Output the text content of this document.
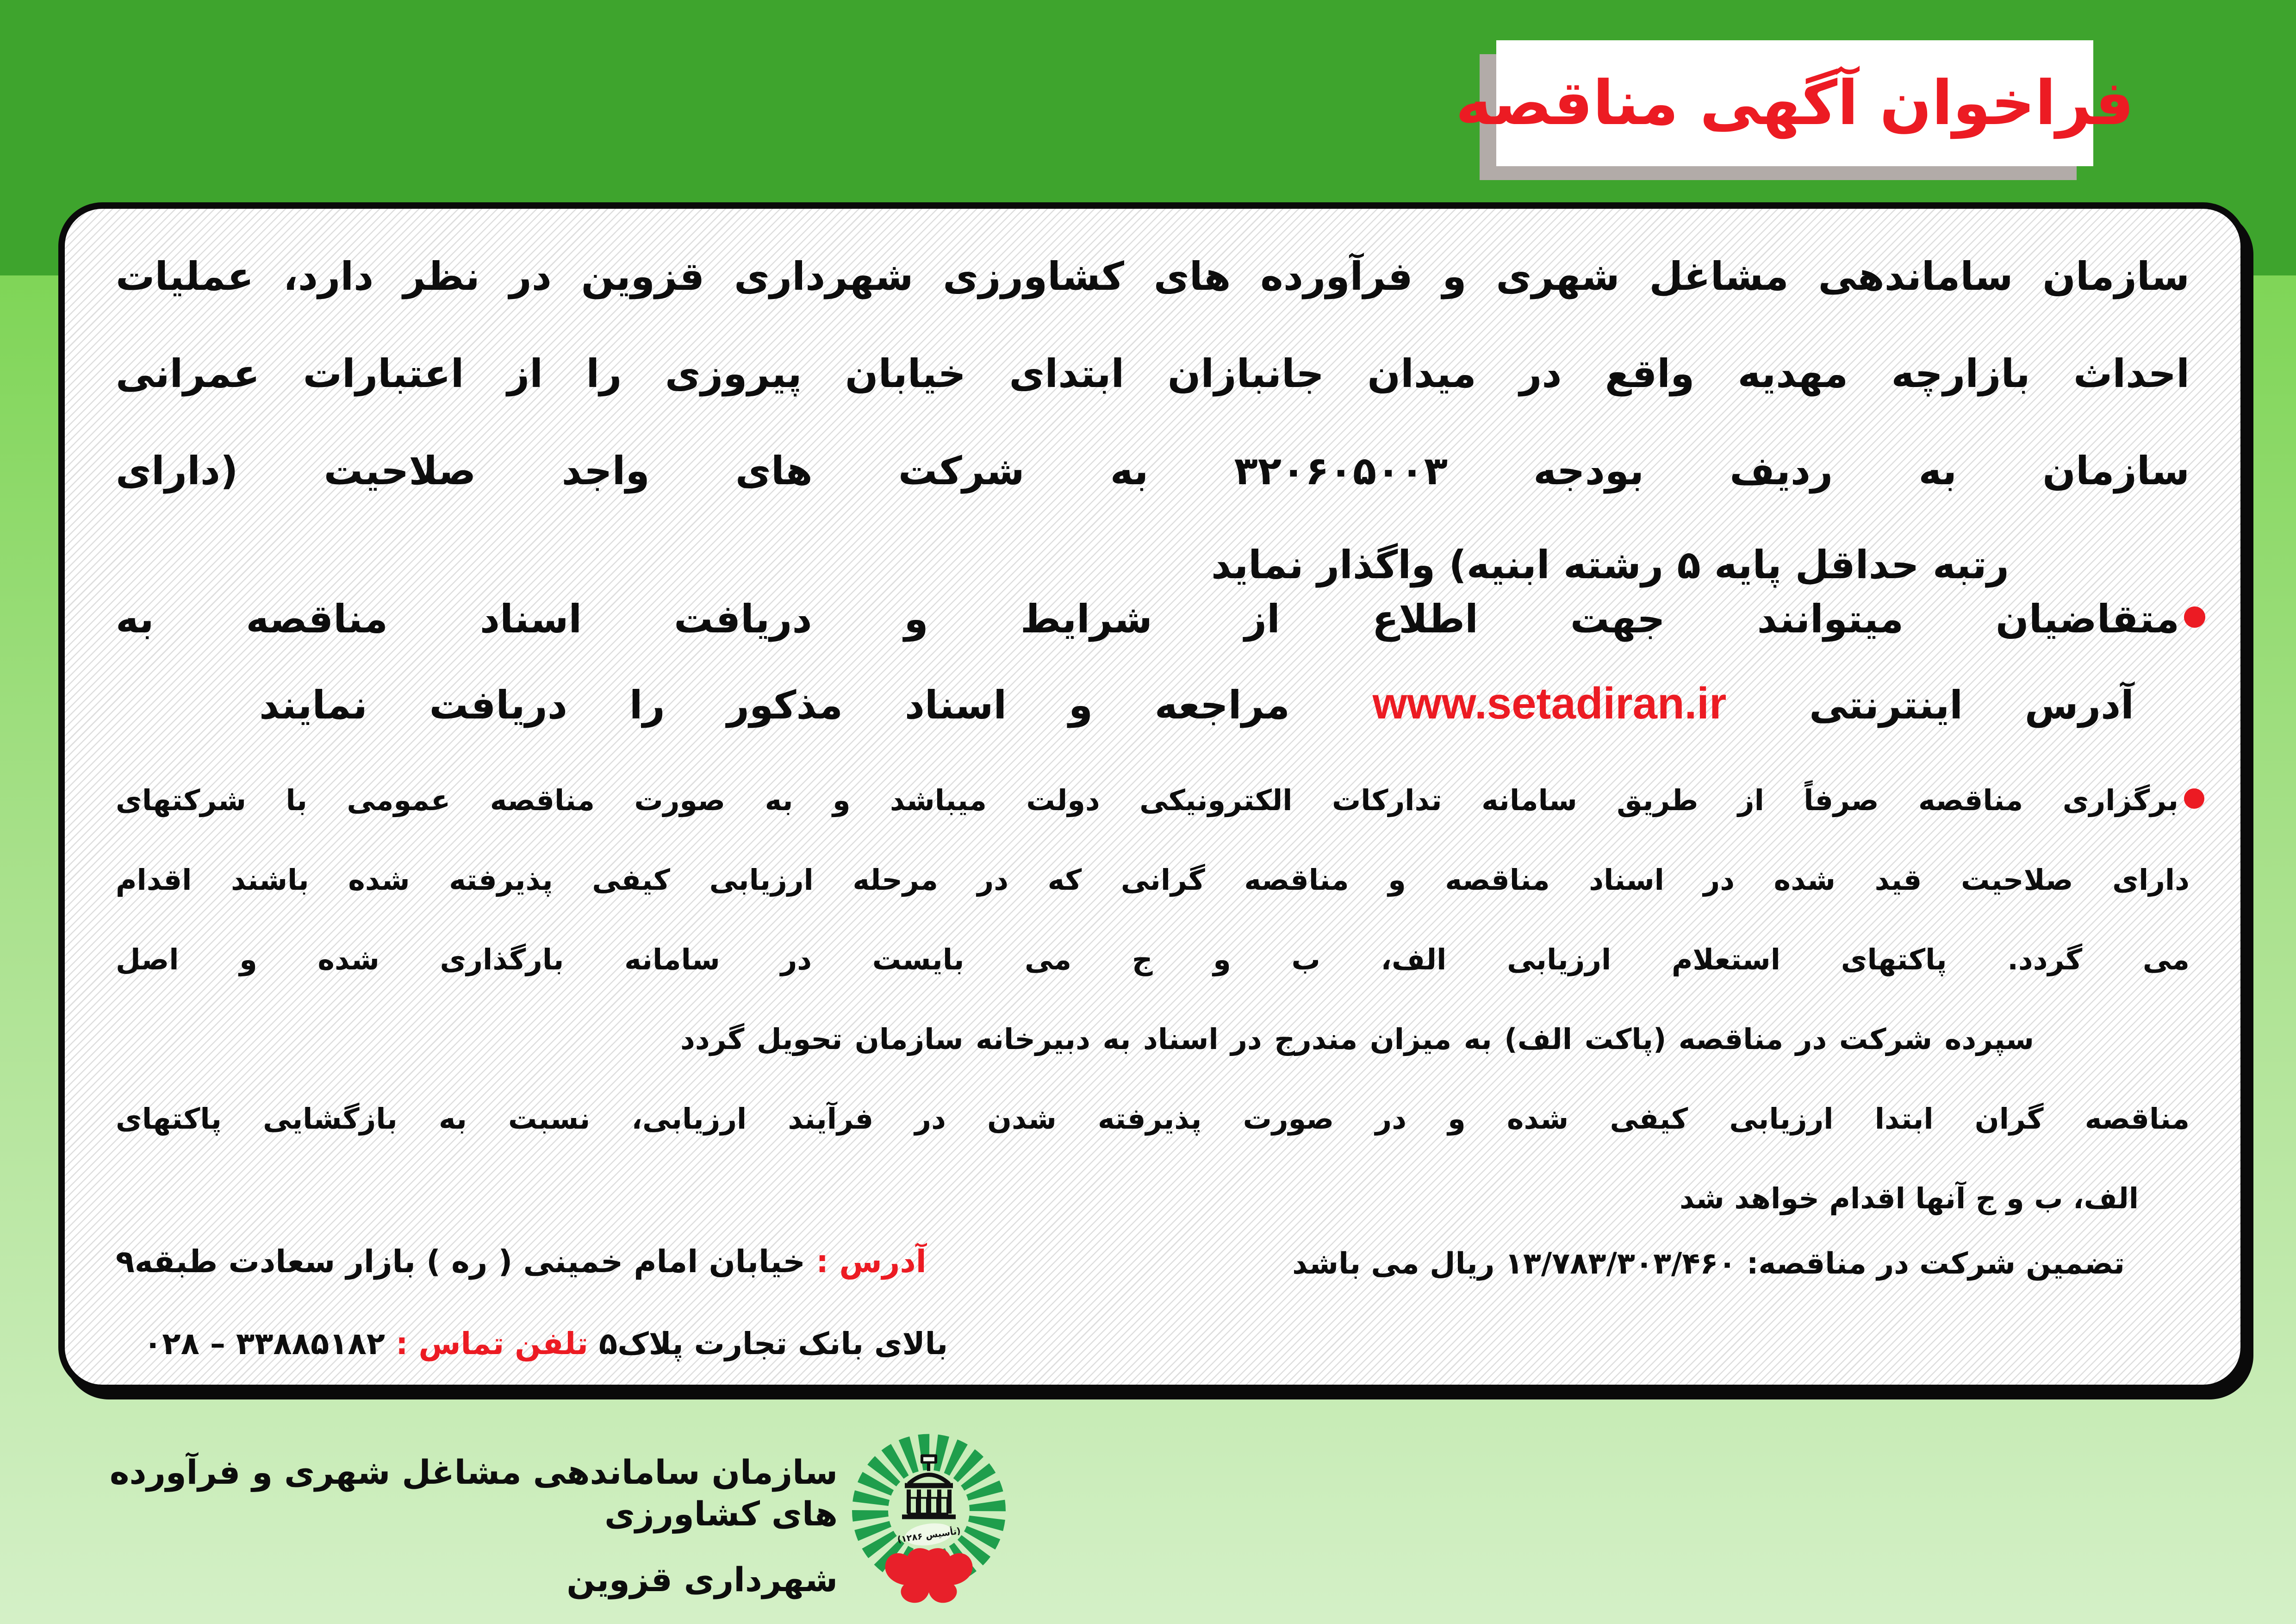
فراخوان آگهی مناقصه
سازمان ساماندهی مشاغل شهری و فرآورده های کشاورزی شهرداری قزوین در نظر دارد، عملیات
احداث بازارچه مهدیه واقع در میدان جانبازان ابتدای خیابان پیروزی را از اعتبارات عمرانی
سازمان به ردیف بودجه ۳۲۰۶۰۵۰۰۳ به شرکت های واجد صلاحیت (دارای
رتبه حداقل پایه ۵ رشته ابنیه) واگذار نماید
متقاضیان میتوانند جهت اطلاع از شرایط و دریافت اسناد مناقصه به
آدرس اینترنتی www.setadiran.ir مراجعه و اسناد مذکور را دریافت نمایند
برگزاری مناقصه صرفاً از طریق سامانه تدارکات الکترونیکی دولت میباشد و به صورت مناقصه عمومی با شرکتهای
دارای صلاحیت قید شده در اسناد مناقصه و مناقصه گرانی که در مرحله ارزیابی کیفی پذیرفته شده باشند اقدام
می گردد. پاکتهای استعلام ارزیابی الف، ب و ج می بایست در سامانه بارگذاری شده و اصل
سپرده شرکت در مناقصه (پاکت الف) به میزان مندرج در اسناد به دبیرخانه سازمان تحویل گردد
مناقصه گران ابتدا ارزیابی کیفی شده و در صورت پذیرفته شدن در فرآیند ارزیابی، نسبت به بازگشایی پاکتهای
الف، ب و ج آنها اقدام خواهد شد
تضمین شرکت در مناقصه: ۱۳/۷۸۳/۳۰۳/۴۶۰ ریال می باشد
آدرس : خیابان امام خمینی ( ره ) بازار سعادت طبقه۹
بالای بانک تجارت پلاک۵ تلفن تماس : ۳۳۸۸۵۱۸۲ – ۰۲۸
سازمان ساماندهی مشاغل شهری و فرآورده های کشاورزی
شهرداری قزوین
(تأسیس ۱۲۸۶)
